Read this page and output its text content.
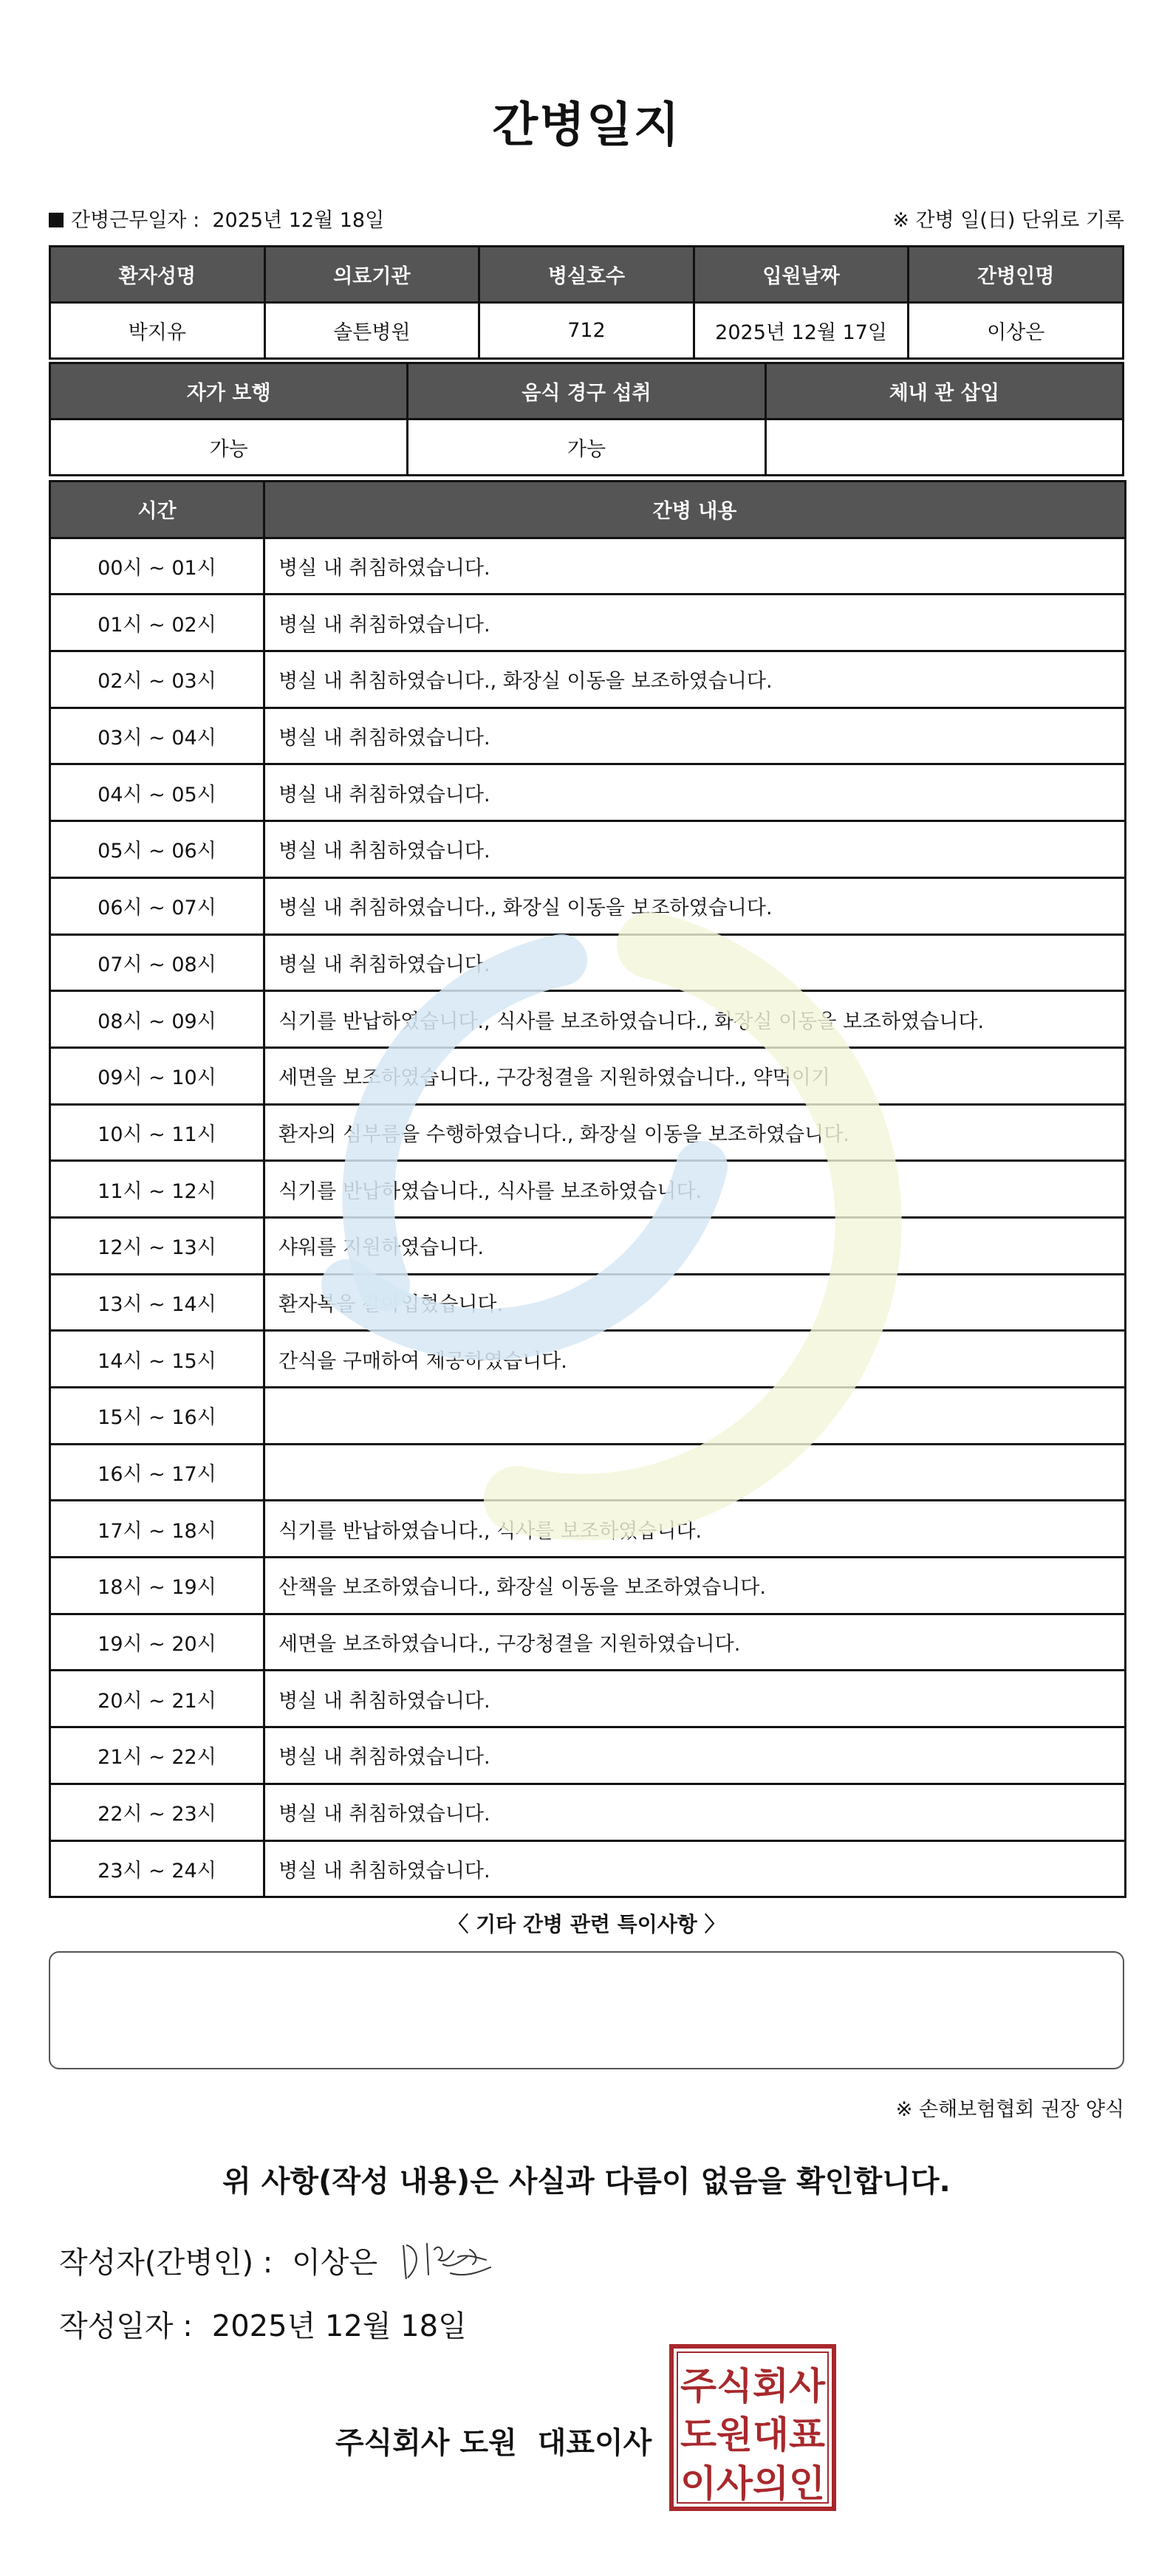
간병일지
간병근무일자 : 2025년 12월 18일	※ 간병 일(日) 단위로 기록
환자성명	의료기관	병실호수	입원날짜	간병인명
박지유	솔튼병원	712	2025년 12월 17일	이상은
자가 보행	음식 경구 섭취	체내 관 삽입
가능	가능	
시간	간병 내용
00시 ~ 01시	병실 내 취침하였습니다.
01시 ~ 02시	병실 내 취침하였습니다.
02시 ~ 03시	병실 내 취침하였습니다., 화장실 이동을 보조하였습니다.
03시 ~ 04시	병실 내 취침하였습니다.
04시 ~ 05시	병실 내 취침하였습니다.
05시 ~ 06시	병실 내 취침하였습니다.
06시 ~ 07시	병실 내 취침하였습니다., 화장실 이동을 보조하였습니다.
07시 ~ 08시	병실 내 취침하였습니다.
08시 ~ 09시	식기를 반납하였습니다., 식사를 보조하였습니다., 화장실 이동을 보조하였습니다.
09시 ~ 10시	세면을 보조하였습니다., 구강청결을 지원하였습니다., 약먹이기
10시 ~ 11시	환자의 심부름을 수행하였습니다., 화장실 이동을 보조하였습니다.
11시 ~ 12시	식기를 반납하였습니다., 식사를 보조하였습니다.
12시 ~ 13시	샤워를 지원하였습니다.
13시 ~ 14시	환자복을 갈아입혔습니다.
14시 ~ 15시	간식을 구매하여 제공하였습니다.
15시 ~ 16시	
16시 ~ 17시	
17시 ~ 18시	식기를 반납하였습니다., 식사를 보조하였습니다.
18시 ~ 19시	산책을 보조하였습니다., 화장실 이동을 보조하였습니다.
19시 ~ 20시	세면을 보조하였습니다., 구강청결을 지원하였습니다.
20시 ~ 21시	병실 내 취침하였습니다.
21시 ~ 22시	병실 내 취침하였습니다.
22시 ~ 23시	병실 내 취침하였습니다.
23시 ~ 24시	병실 내 취침하였습니다.
〈 기타 간병 관련 특이사항 〉
※ 손해보험협회 권장 양식
위 사항(작성 내용)은 사실과 다름이 없음을 확인합니다.
작성자(간병인) : 이상은
작성일자 : 2025년 12월 18일
주식회사 도원 대표이사
주식회사
도원대표
이사의인
